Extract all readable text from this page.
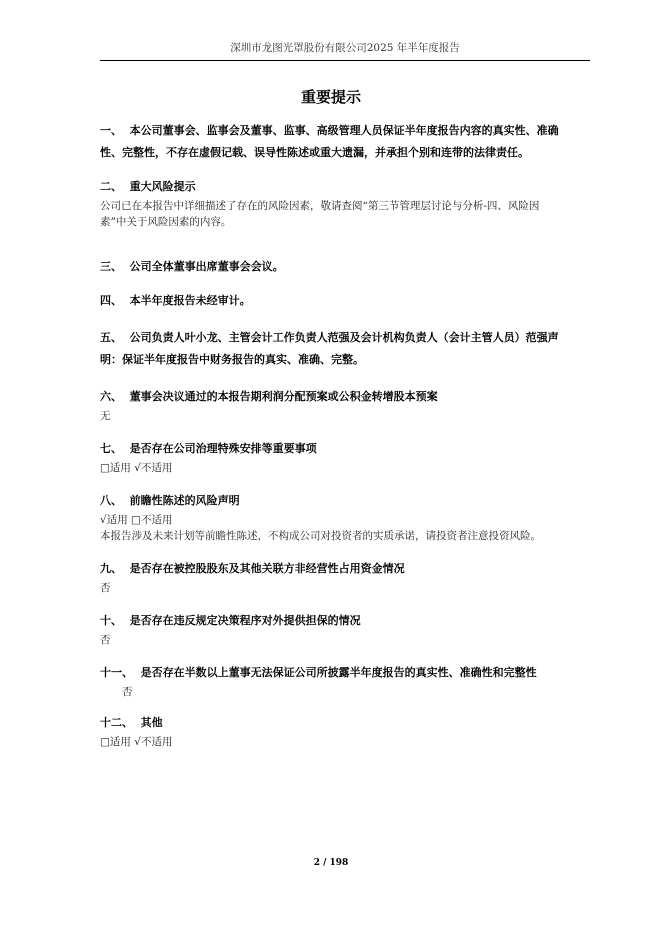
深圳市龙图光罩股份有限公司2025 年半年度报告
重要提示
一、 本公司董事会、监事会及董事、监事、高级管理人员保证半年度报告内容的真实性、准确
性、完整性，不存在虚假记载、误导性陈述或重大遗漏，并承担个别和连带的法律责任。
二、 重大风险提示
公司已在本报告中详细描述了存在的风险因素，敬请查阅“第三节管理层讨论与分析-四、风险因
素”中关于风险因素的内容。
三、 公司全体董事出席董事会会议。
四、 本半年度报告未经审计。
五、 公司负责人叶小龙、主管会计工作负责人范强及会计机构负责人（会计主管人员）范强声
明：保证半年度报告中财务报告的真实、准确、完整。
六、 董事会决议通过的本报告期利润分配预案或公积金转增股本预案
无
七、 是否存在公司治理特殊安排等重要事项
□适用 √不适用
八、 前瞻性陈述的风险声明
√适用 □不适用
本报告涉及未来计划等前瞻性陈述，不构成公司对投资者的实质承诺，请投资者注意投资风险。
九、 是否存在被控股股东及其他关联方非经营性占用资金情况
否
十、 是否存在违反规定决策程序对外提供担保的情况
否
十一、 是否存在半数以上董事无法保证公司所披露半年度报告的真实性、准确性和完整性
否
十二、 其他
□适用 √不适用
2 / 198
